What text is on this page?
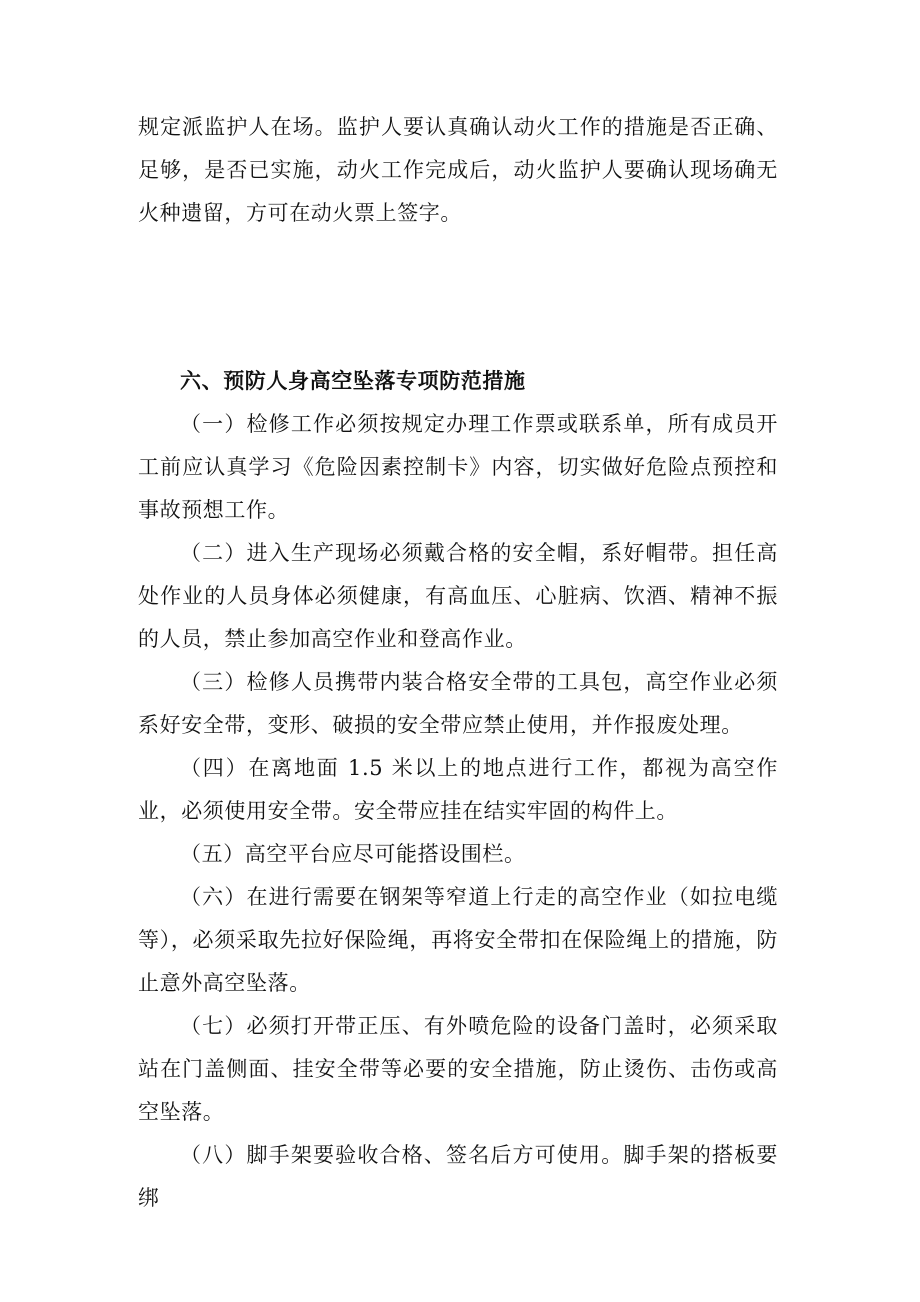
规定派监护人在场。监护人要认真确认动火工作的措施是否正确、足够，是否已实施，动火工作完成后，动火监护人要确认现场确无火种遗留，方可在动火票上签字。

六、预防人身高空坠落专项防范措施

（一）检修工作必须按规定办理工作票或联系单，所有成员开工前应认真学习《危险因素控制卡》内容，切实做好危险点预控和事故预想工作。

（二）进入生产现场必须戴合格的安全帽，系好帽带。担任高处作业的人员身体必须健康，有高血压、心脏病、饮酒、精神不振的人员，禁止参加高空作业和登高作业。

（三）检修人员携带内装合格安全带的工具包，高空作业必须系好安全带，变形、破损的安全带应禁止使用，并作报废处理。

（四）在离地面 1.5 米以上的地点进行工作，都视为高空作业，必须使用安全带。安全带应挂在结实牢固的构件上。

（五）高空平台应尽可能搭设围栏。

（六）在进行需要在钢架等窄道上行走的高空作业（如拉电缆等），必须采取先拉好保险绳，再将安全带扣在保险绳上的措施，防止意外高空坠落。

（七）必须打开带正压、有外喷危险的设备门盖时，必须采取站在门盖侧面、挂安全带等必要的安全措施，防止烫伤、击伤或高空坠落。

（八）脚手架要验收合格、签名后方可使用。脚手架的搭板要绑
